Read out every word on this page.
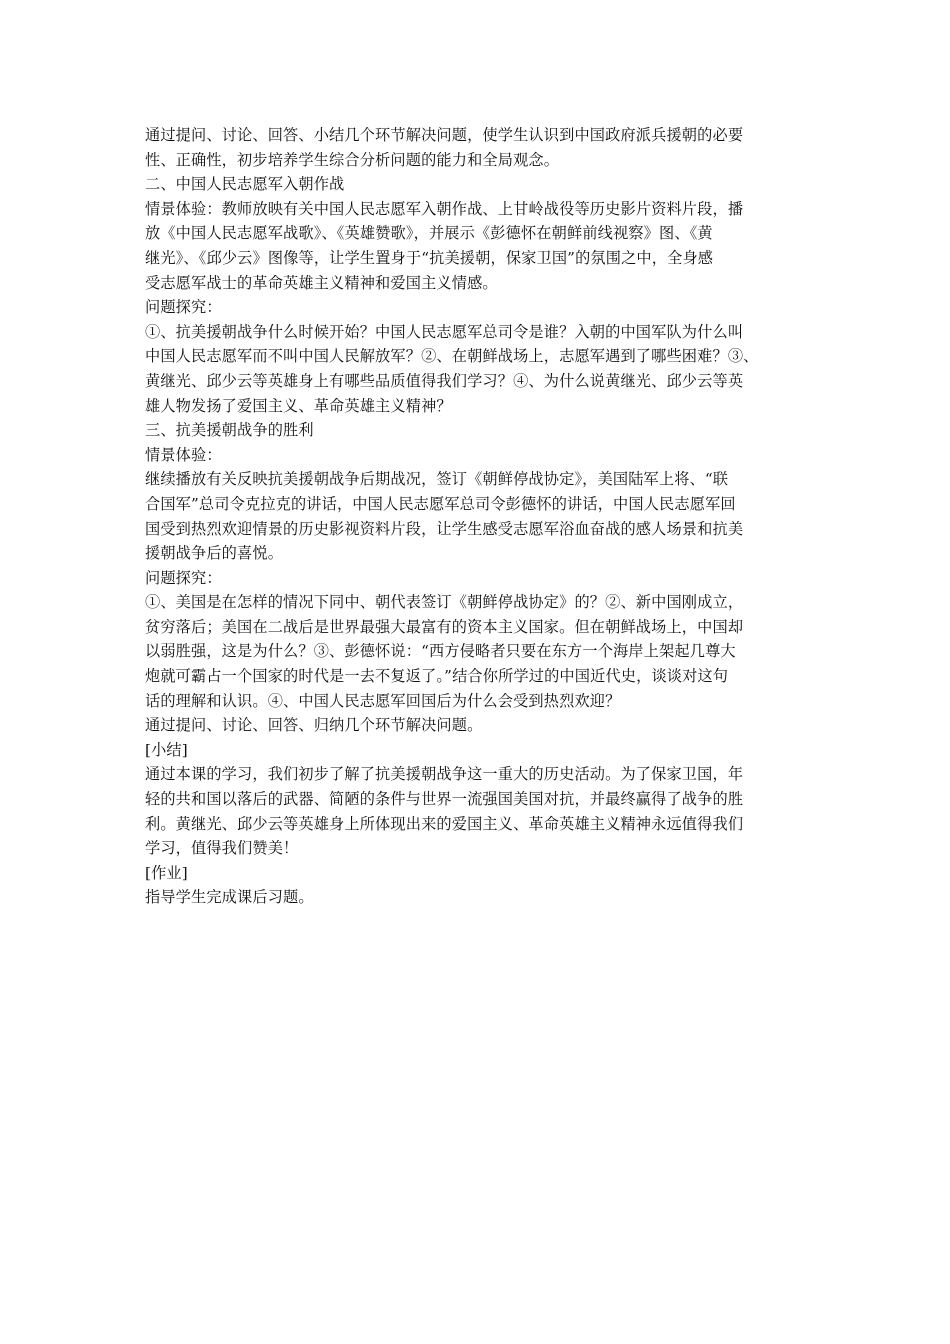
通过提问、讨论、回答、小结几个环节解决问题，使学生认识到中国政府派兵援朝的必要
性、正确性，初步培养学生综合分析问题的能力和全局观念。
二、中国人民志愿军入朝作战
情景体验：教师放映有关中国人民志愿军入朝作战、上甘岭战役等历史影片资料片段，播
放《中国人民志愿军战歌》、《英雄赞歌》，并展示《彭德怀在朝鲜前线视察》图、《黄
继光》、《邱少云》图像等，让学生置身于“抗美援朝，保家卫国”的氛围之中，全身感
受志愿军战士的革命英雄主义精神和爱国主义情感。
问题探究：
①、抗美援朝战争什么时候开始？中国人民志愿军总司令是谁？入朝的中国军队为什么叫
中国人民志愿军而不叫中国人民解放军？②、在朝鲜战场上，志愿军遇到了哪些困难？③、
黄继光、邱少云等英雄身上有哪些品质值得我们学习？④、为什么说黄继光、邱少云等英
雄人物发扬了爱国主义、革命英雄主义精神？
三、抗美援朝战争的胜利
情景体验：
继续播放有关反映抗美援朝战争后期战况，签订《朝鲜停战协定》，美国陆军上将、“联
合国军”总司令克拉克的讲话，中国人民志愿军总司令彭德怀的讲话，中国人民志愿军回
国受到热烈欢迎情景的历史影视资料片段，让学生感受志愿军浴血奋战的感人场景和抗美
援朝战争后的喜悦。
问题探究：
①、美国是在怎样的情况下同中、朝代表签订《朝鲜停战协定》的？②、新中国刚成立，
贫穷落后；美国在二战后是世界最强大最富有的资本主义国家。但在朝鲜战场上，中国却
以弱胜强，这是为什么？③、彭德怀说：“西方侵略者只要在东方一个海岸上架起几尊大
炮就可霸占一个国家的时代是一去不复返了。”结合你所学过的中国近代史，谈谈对这句
话的理解和认识。④、中国人民志愿军回国后为什么会受到热烈欢迎？
通过提问、讨论、回答、归纳几个环节解决问题。
[小结]
通过本课的学习，我们初步了解了抗美援朝战争这一重大的历史活动。为了保家卫国，年
轻的共和国以落后的武器、简陋的条件与世界一流强国美国对抗，并最终赢得了战争的胜
利。黄继光、邱少云等英雄身上所体现出来的爱国主义、革命英雄主义精神永远值得我们
学习，值得我们赞美！
[作业]
指导学生完成课后习题。
